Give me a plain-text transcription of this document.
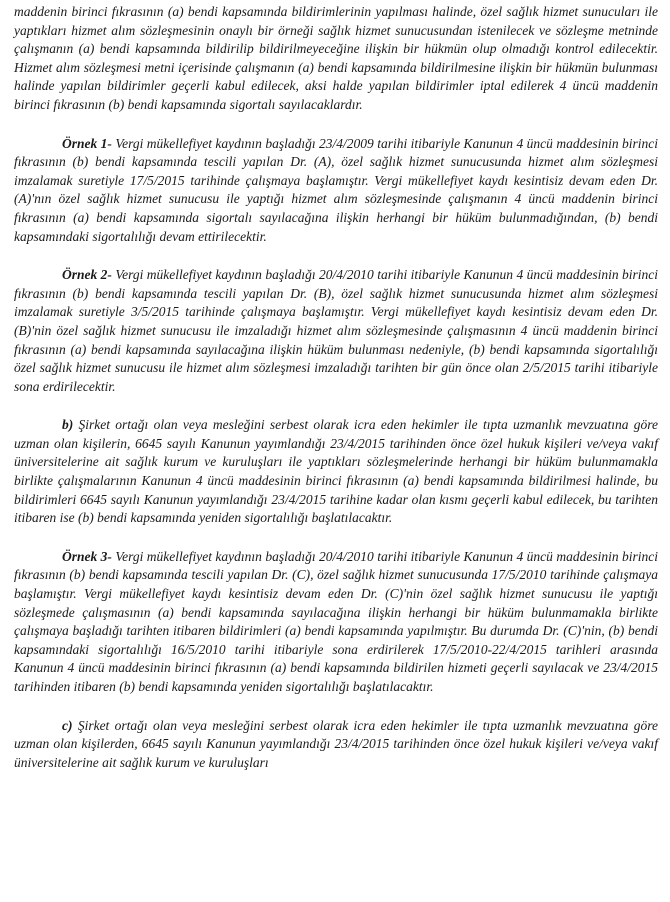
maddenin birinci fıkrasının (a) bendi kapsamında bildirimlerinin yapılması halinde, özel sağlık hizmet sunucuları ile yaptıkları hizmet alım sözleşmesinin onaylı bir örneği sağlık hizmet sunucusundan istenilecek ve sözleşme metninde çalışmanın (a) bendi kapsamında bildirilip bildirilmeyeceğine ilişkin bir hükmün olup olmadığı kontrol edilecektir. Hizmet alım sözleşmesi metni içerisinde çalışmanın (a) bendi kapsamında bildirilmesine ilişkin bir hükmün bulunması halinde yapılan bildirimler geçerli kabul edilecek, aksi halde yapılan bildirimler iptal edilerek 4 üncü maddenin birinci fıkrasının (b) bendi kapsamında sigortalı sayılacaklardır.

Örnek 1- Vergi mükellefiyet kaydının başladığı 23/4/2009 tarihi itibariyle Kanunun 4 üncü maddesinin birinci fıkrasının (b) bendi kapsamında tescili yapılan Dr. (A), özel sağlık hizmet sunucusunda hizmet alım sözleşmesi imzalamak suretiyle 17/5/2015 tarihinde çalışmaya başlamıştır. Vergi mükellefiyet kaydı kesintisiz devam eden Dr. (A)'nın özel sağlık hizmet sunucusu ile yaptığı hizmet alım sözleşmesinde çalışmanın 4 üncü maddenin birinci fıkrasının (a) bendi kapsamında sigortalı sayılacağına ilişkin herhangi bir hüküm bulunmadığından, (b) bendi kapsamındaki sigortalılığı devam ettirilecektir.

Örnek 2- Vergi mükellefiyet kaydının başladığı 20/4/2010 tarihi itibariyle Kanunun 4 üncü maddesinin birinci fıkrasının (b) bendi kapsamında tescili yapılan Dr. (B), özel sağlık hizmet sunucusunda hizmet alım sözleşmesi imzalamak suretiyle 3/5/2015 tarihinde çalışmaya başlamıştır. Vergi mükellefiyet kaydı kesintisiz devam eden Dr. (B)'nin özel sağlık hizmet sunucusu ile imzaladığı hizmet alım sözleşmesinde çalışmasının 4 üncü maddenin birinci fıkrasının (a) bendi kapsamında sayılacağına ilişkin hüküm bulunması nedeniyle, (b) bendi kapsamında sigortalılığı özel sağlık hizmet sunucusu ile hizmet alım sözleşmesi imzaladığı tarihten bir gün önce olan 2/5/2015 tarihi itibariyle sona erdirilecektir.

b) Şirket ortağı olan veya mesleğini serbest olarak icra eden hekimler ile tıpta uzmanlık mevzuatına göre uzman olan kişilerin, 6645 sayılı Kanunun yayımlandığı 23/4/2015 tarihinden önce özel hukuk kişileri ve/veya vakıf üniversitelerine ait sağlık kurum ve kuruluşları ile yaptıkları sözleşmelerinde herhangi bir hüküm bulunmamakla birlikte çalışmalarının Kanunun 4 üncü maddesinin birinci fıkrasının (a) bendi kapsamında bildirilmesi halinde, bu bildirimleri 6645 sayılı Kanunun yayımlandığı 23/4/2015 tarihine kadar olan kısmı geçerli kabul edilecek, bu tarihten itibaren ise (b) bendi kapsamında yeniden sigortalılığı başlatılacaktır.

Örnek 3- Vergi mükellefiyet kaydının başladığı 20/4/2010 tarihi itibariyle Kanunun 4 üncü maddesinin birinci fıkrasının (b) bendi kapsamında tescili yapılan Dr. (C), özel sağlık hizmet sunucusunda 17/5/2010 tarihinde çalışmaya başlamıştır. Vergi mükellefiyet kaydı kesintisiz devam eden Dr. (C)'nin özel sağlık hizmet sunucusu ile yaptığı sözleşmede çalışmasının (a) bendi kapsamında sayılacağına ilişkin herhangi bir hüküm bulunmamakla birlikte çalışmaya başladığı tarihten itibaren bildirimleri (a) bendi kapsamında yapılmıştır. Bu durumda Dr. (C)'nin, (b) bendi kapsamındaki sigortalılığı 16/5/2010 tarihi itibariyle sona erdirilerek 17/5/2010-22/4/2015 tarihleri arasında Kanunun 4 üncü maddesinin birinci fıkrasının (a) bendi kapsamında bildirilen hizmeti geçerli sayılacak ve 23/4/2015 tarihinden itibaren (b) bendi kapsamında yeniden sigortalılığı başlatılacaktır.

c) Şirket ortağı olan veya mesleğini serbest olarak icra eden hekimler ile tıpta uzmanlık mevzuatına göre uzman olan kişilerden, 6645 sayılı Kanunun yayımlandığı 23/4/2015 tarihinden önce özel hukuk kişileri ve/veya vakıf üniversitelerine ait sağlık kurum ve kuruluşları
